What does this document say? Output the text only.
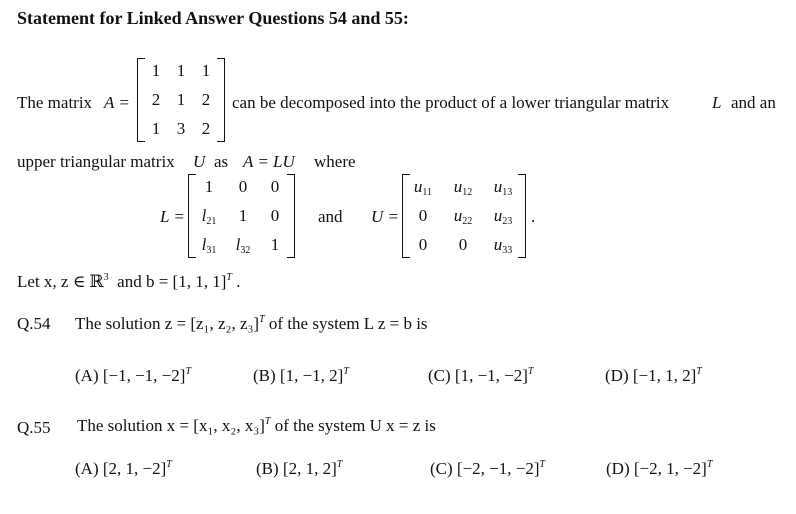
Statement for Linked Answer Questions 54 and 55:
The matrix A =
1 1 1
2 1 2
1 3 2
can be decomposed into the product of a lower triangular matrix	L and an
upper triangular matrix U as A = LU where
L =
1	0	0
$l_{21}$	1	0
$l_{31}$	$l_{32}$	1
and U =
$u_{11}$	$u_{12}$	$u_{13}$
0	$u_{22}$	$u_{23}$
0	0	$u_{33}$
.
Let x, z ∈ ℝ$^3$ and b = [1, 1, 1]$^T$ .
Q.54 The solution z = [z₁, z₂, z₃]$^T$ of the system L z = b is
(A) [−1, −1, −2]$^T$	(B) [1, −1, 2]$^T$	(C) [1, −1, −2]$^T$	(D) [−1, 1, 2]$^T$
Q.55 The solution x = [x₁, x₂, x₃]$^T$ of the system U x = z is
(A) [2, 1, −2]$^T$	(B) [2, 1, 2]$^T$	(C) [−2, −1, −2]$^T$	(D) [−2, 1, −2]$^T$
